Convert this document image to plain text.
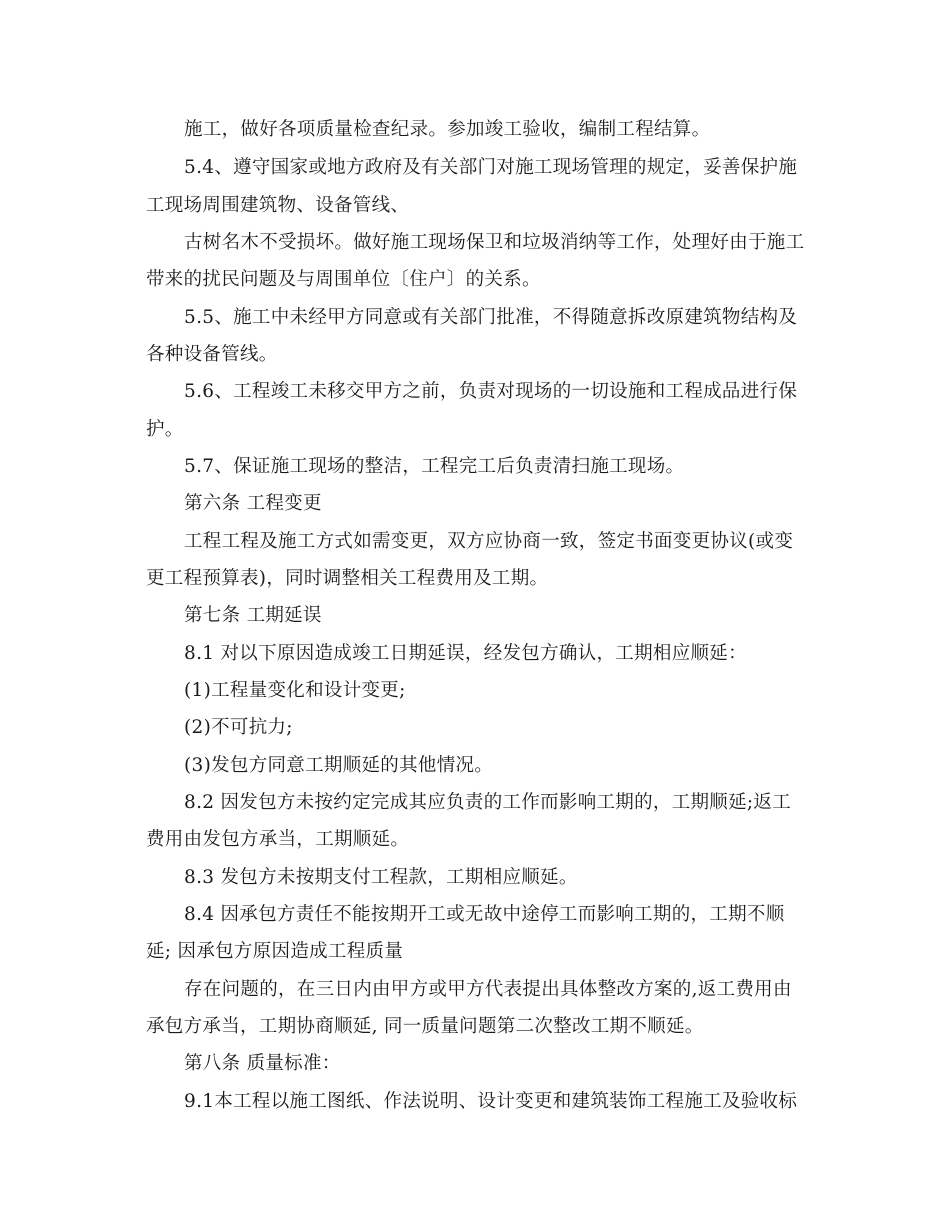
施工，做好各项质量检查纪录。参加竣工验收，编制工程结算。
5.4、遵守国家或地方政府及有关部门对施工现场管理的规定，妥善保护施
工现场周围建筑物、设备管线、
古树名木不受损坏。做好施工现场保卫和垃圾消纳等工作，处理好由于施工
带来的扰民问题及与周围单位〔住户〕的关系。
5.5、施工中未经甲方同意或有关部门批准，不得随意拆改原建筑物结构及
各种设备管线。
5.6、工程竣工未移交甲方之前，负责对现场的一切设施和工程成品进行保
护。
5.7、保证施工现场的整洁，工程完工后负责清扫施工现场。
第六条 工程变更
工程工程及施工方式如需变更，双方应协商一致，签定书面变更协议(或变
更工程预算表)，同时调整相关工程费用及工期。
第七条 工期延误
8.1 对以下原因造成竣工日期延误，经发包方确认，工期相应顺延：
(1)工程量变化和设计变更;
(2)不可抗力;
(3)发包方同意工期顺延的其他情况。
8.2 因发包方未按约定完成其应负责的工作而影响工期的，工期顺延;返工
费用由发包方承当，工期顺延。
8.3 发包方未按期支付工程款，工期相应顺延。
8.4 因承包方责任不能按期开工或无故中途停工而影响工期的，工期不顺
延; 因承包方原因造成工程质量
存在问题的，在三日内由甲方或甲方代表提出具体整改方案的,返工费用由
承包方承当，工期协商顺延, 同一质量问题第二次整改工期不顺延。
第八条 质量标准：
9.1本工程以施工图纸、作法说明、设计变更和建筑装饰工程施工及验收标
